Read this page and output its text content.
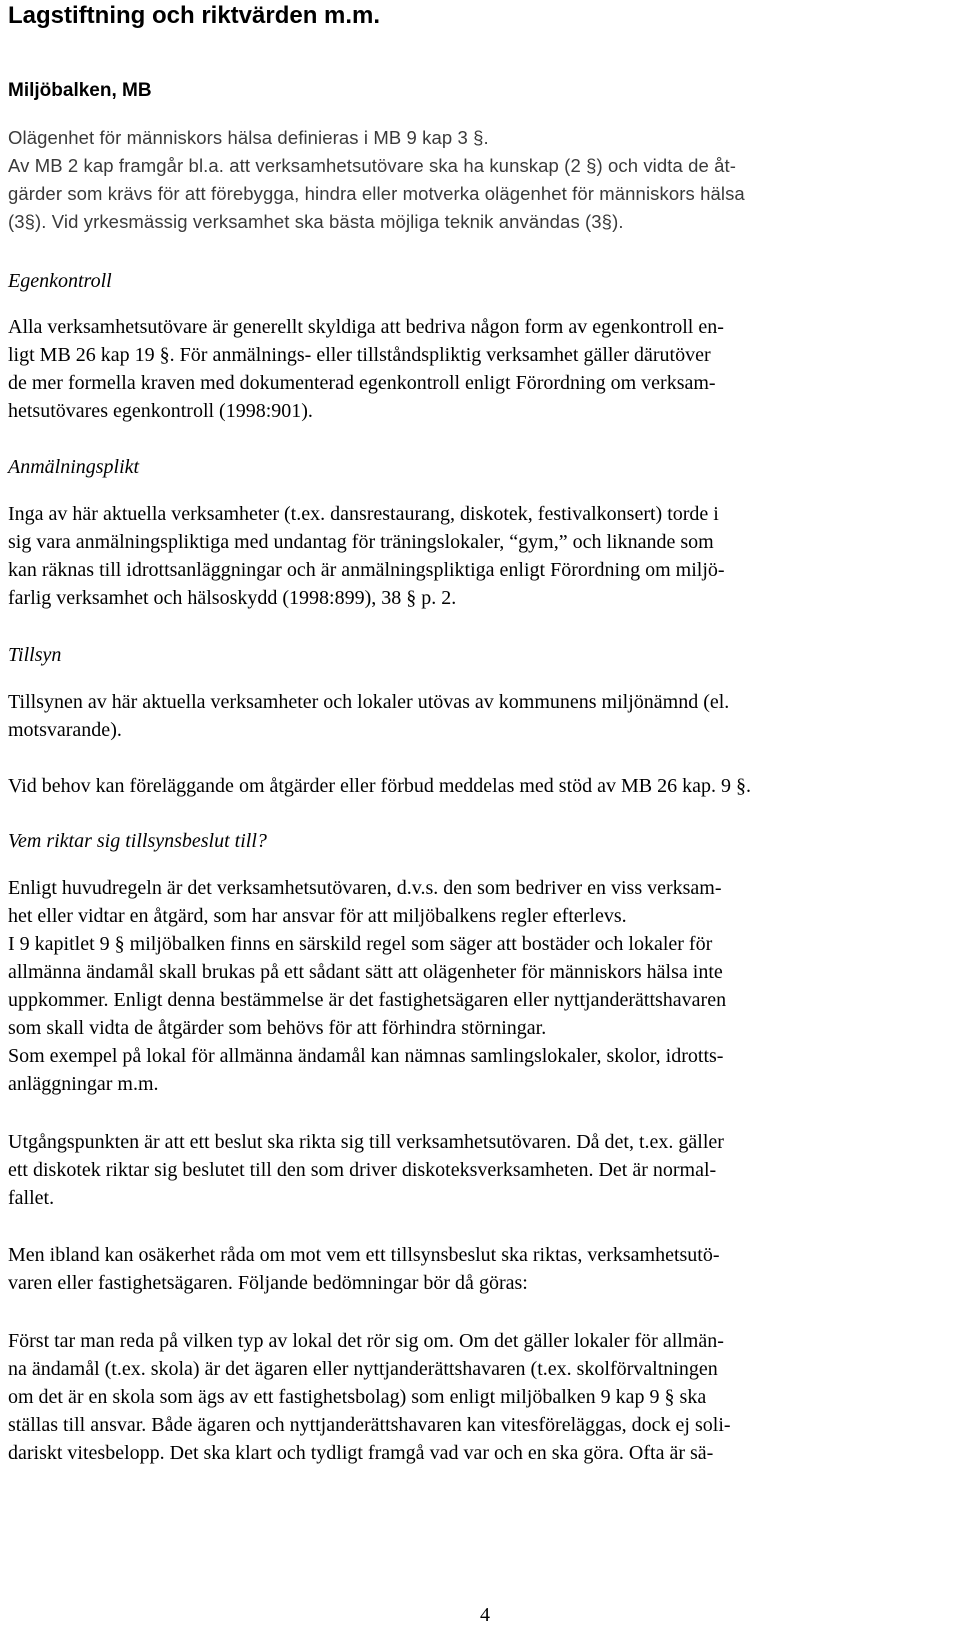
Lagstiftning och riktvärden m.m.
Miljöbalken, MB
Olägenhet för människors hälsa definieras i MB 9 kap 3 §.
Av MB 2 kap framgår bl.a. att verksamhetsutövare ska ha kunskap (2 §) och vidta de åt-
gärder som krävs för att förebygga, hindra eller motverka olägenhet för människors hälsa
(3§). Vid yrkesmässig verksamhet ska bästa möjliga teknik användas (3§).
Egenkontroll
Alla verksamhetsutövare är generellt skyldiga att bedriva någon form av egenkontroll en-
ligt MB 26 kap 19 §. För anmälnings- eller tillståndspliktig verksamhet gäller därutöver
de mer formella kraven med dokumenterad egenkontroll enligt Förordning om verksam-
hetsutövares egenkontroll (1998:901).
Anmälningsplikt
Inga av här aktuella verksamheter (t.ex. dansrestaurang, diskotek, festivalkonsert) torde i
sig vara anmälningspliktiga med undantag för träningslokaler, “gym,” och liknande som
kan räknas till idrottsanläggningar och är anmälningspliktiga enligt Förordning om miljö-
farlig verksamhet och hälsoskydd (1998:899), 38 § p. 2.
Tillsyn
Tillsynen av här aktuella verksamheter och lokaler utövas av kommunens miljönämnd (el.
motsvarande).
Vid behov kan föreläggande om åtgärder eller förbud meddelas med stöd av MB 26 kap. 9 §.
Vem riktar sig tillsynsbeslut till?
Enligt huvudregeln är det verksamhetsutövaren, d.v.s. den som bedriver en viss verksam-
het eller vidtar en åtgärd, som har ansvar för att miljöbalkens regler efterlevs.
I 9 kapitlet 9 § miljöbalken finns en särskild regel som säger att bostäder och lokaler för
allmänna ändamål skall brukas på ett sådant sätt att olägenheter för människors hälsa inte
uppkommer. Enligt denna bestämmelse är det fastighetsägaren eller nyttjanderättshavaren
som skall vidta de åtgärder som behövs för att förhindra störningar.
Som exempel på lokal för allmänna ändamål kan nämnas samlingslokaler, skolor, idrotts-
anläggningar m.m.
Utgångspunkten är att ett beslut ska rikta sig till verksamhetsutövaren. Då det, t.ex. gäller
ett diskotek riktar sig beslutet till den som driver diskoteksverksamheten. Det är normal-
fallet.
Men ibland kan osäkerhet råda om mot vem ett tillsynsbeslut ska riktas, verksamhetsutö-
varen eller fastighetsägaren. Följande bedömningar bör då göras:
Först tar man reda på vilken typ av lokal det rör sig om. Om det gäller lokaler för allmän-
na ändamål (t.ex. skola) är det ägaren eller nyttjanderättshavaren (t.ex. skolförvaltningen
om det är en skola som ägs av ett fastighetsbolag) som enligt miljöbalken 9 kap 9 § ska
ställas till ansvar. Både ägaren och nyttjanderättshavaren kan vitesföreläggas, dock ej soli-
dariskt vitesbelopp. Det ska klart och tydligt framgå vad var och en ska göra. Ofta är sä-
4
